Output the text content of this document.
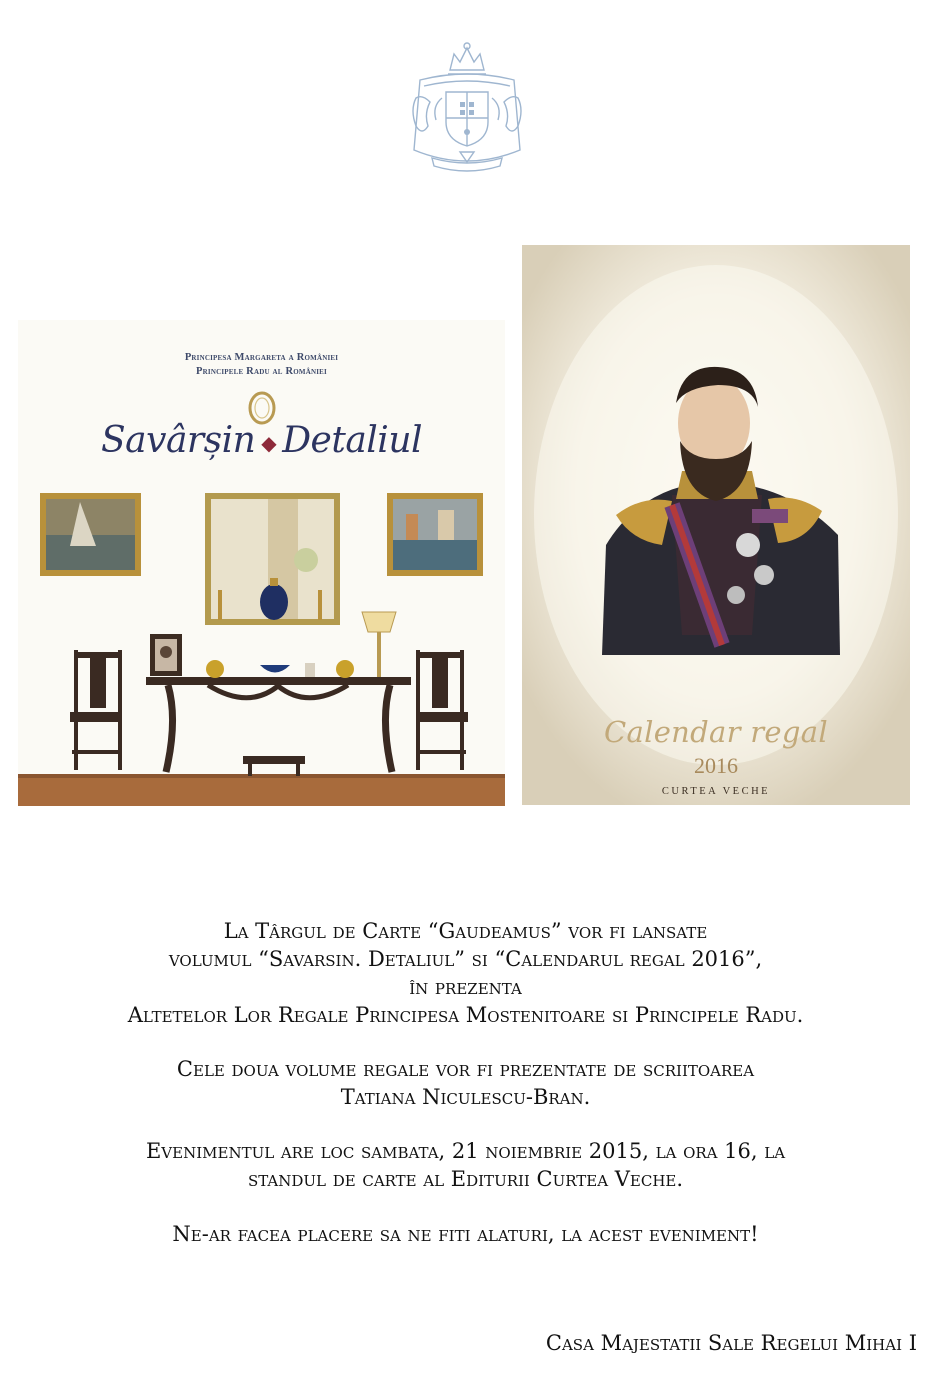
Principesa Margareta a României
Principele Radu al României
Savârșin ◆ Detaliul
Calendar regal
2016
CURTEA VECHE
La Târgul de Carte “Gaudeamus” vor fi lansate
volumul “Savarsin. Detaliul” si “Calendarul regal 2016”,
în prezenta
Altetelor Lor Regale Principesa Mostenitoare si Principele Radu.
Cele doua volume regale vor fi prezentate de scriitoarea
Tatiana Niculescu-Bran.
Evenimentul are loc sambata, 21 noiembrie 2015, la ora 16, la
standul de carte al Editurii Curtea Veche.
Ne-ar facea placere sa ne fiti alaturi, la acest eveniment!
Casa Majestatii Sale Regelui Mihai I
